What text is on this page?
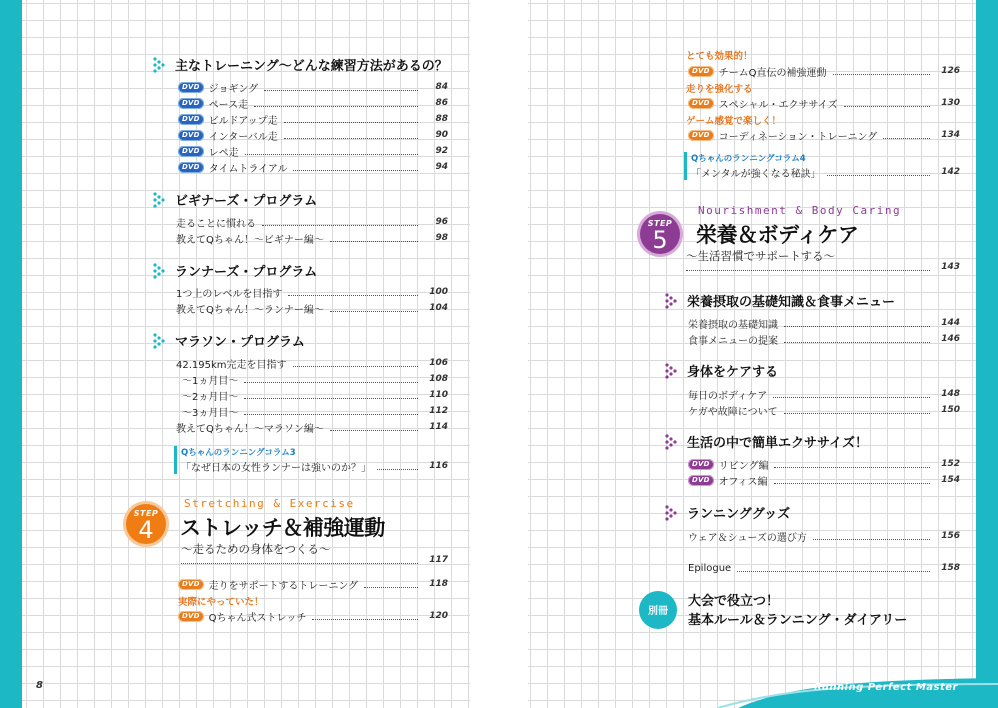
主なトレーニング～どんな練習方法があるの？
DVD ジョギング	84
DVD ペース走	86
DVD ビルドアップ走	88
DVD インターバル走	90
DVD レペ走	92
DVD タイムトライアル	94
ビギナーズ・プログラム
走ることに慣れる	96
教えてQちゃん！～ビギナー編～	98
ランナーズ・プログラム
1つ上のレベルを目指す	100
教えてQちゃん！～ランナー編～	104
マラソン・プログラム
42.195km完走を目指す	106
～1ヵ月目～	108
～2ヵ月目～	110
～3ヵ月目～	112
教えてQちゃん！～マラソン編～	114
Qちゃんのランニングコラム3
「なぜ日本の女性ランナーは強いのか？」	116
STEP
4
Stretching & Exercise
ストレッチ＆補強運動
～走るための身体をつくる～
117
DVD 走りをサポートするトレーニング	118
実際にやっていた！
DVD Qちゃん式ストレッチ	120
8
とても効果的！
DVD チームQ直伝の補強運動	126
走りを強化する
DVD スペシャル・エクササイズ	130
ゲーム感覚で楽しく！
DVD コーディネーション・トレーニング	134
Qちゃんのランニングコラム4
「メンタルが強くなる秘訣」	142
STEP
5
Nourishment & Body Caring
栄養＆ボディケア
～生活習慣でサポートする～
143
栄養摂取の基礎知識＆食事メニュー
栄養摂取の基礎知識	144
食事メニューの提案	146
身体をケアする
毎日のボディケア	148
ケガや故障について	150
生活の中で簡単エクササイズ！
DVD リビング編	152
DVD オフィス編	154
ランニンググッズ
ウェア＆シューズの選び方	156
Epilogue	158
別冊
大会で役立つ！
基本ルール＆ランニング・ダイアリー
Running Perfect Master
